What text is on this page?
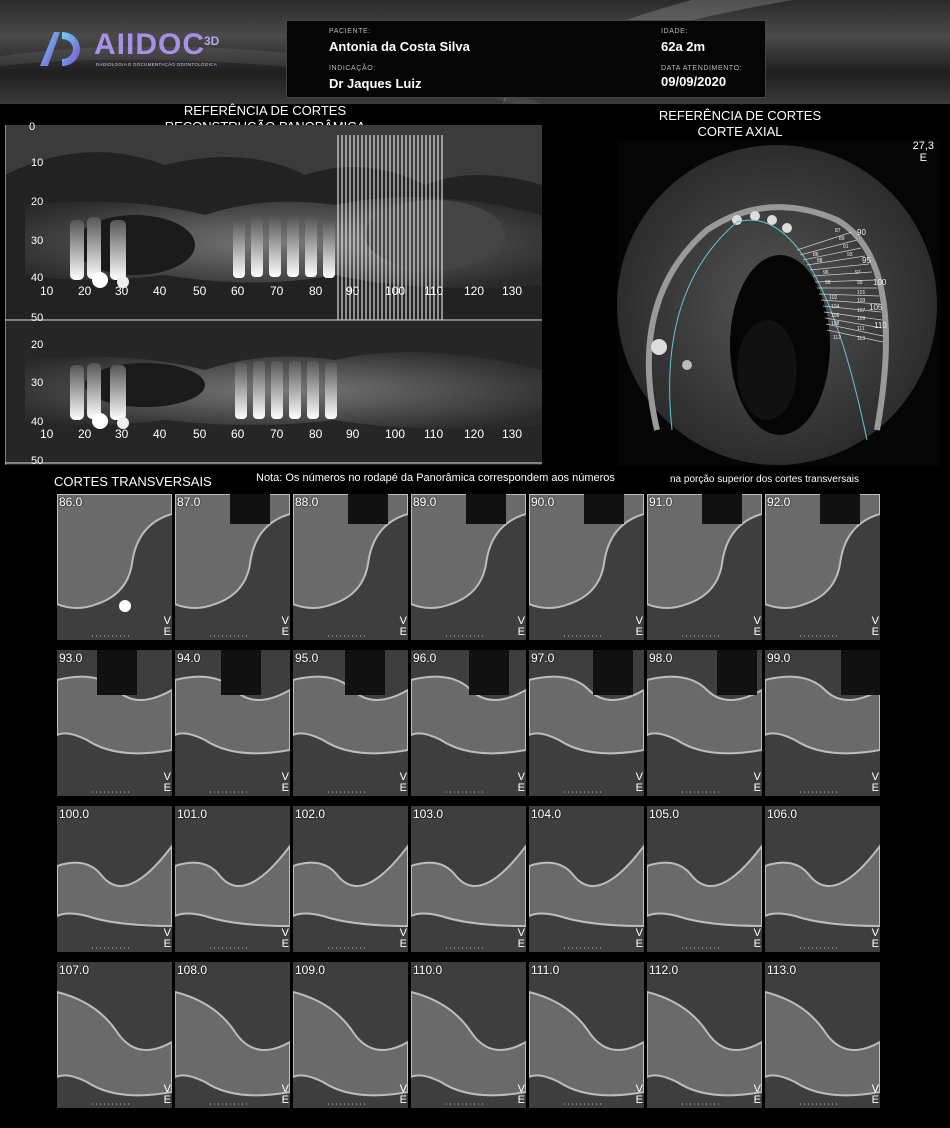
AIIDOC 3D
RADIOLOGIA E DOCUMENTAÇÃO ODONTOLÓGICA
PACIENTE:
Antonia da Costa Silva
INDICAÇÃO:
Dr Jaques Luiz
IDADE:
62a 2m
DATA ATENDIMENTO:
09/09/2020
REFERÊNCIA DE CORTES
0
10
20
30
40
50
20
30
40
50
10 20 30 40 50 60 70 80 90 100 110 120 130
10 20 30 40 50 60 70 80 90 100 110 120 130
REFERÊNCIA DE CORTES
CORTE AXIAL
27,3
E
87
89
91
93
90
95
97
99 100
101
103
105
107
109
110
111
113
86
88
96
98
102
104
106
108
112
CORTES TRANSVERSAIS	Nota: Os números no rodapé da Panorâmica correspondem aos números	na porção superior dos cortes transversais
86.0
V
E
87.0
V
E
88.0
V
E
89.0
V
E
90.0
V
E
91.0
V
E
92.0
V
E
93.0
V
E
94.0
V
E
95.0
V
E
96.0
V
E
97.0
V
E
98.0
V
E
99.0
V
E
100.0
V
E
101.0
V
E
102.0
V
E
103.0
V
E
104.0
V
E
105.0
V
E
106.0
V
E
107.0
V
E
108.0
V
E
109.0
V
E
110.0
V
E
111.0
V
E
112.0
V
E
113.0
V
E
